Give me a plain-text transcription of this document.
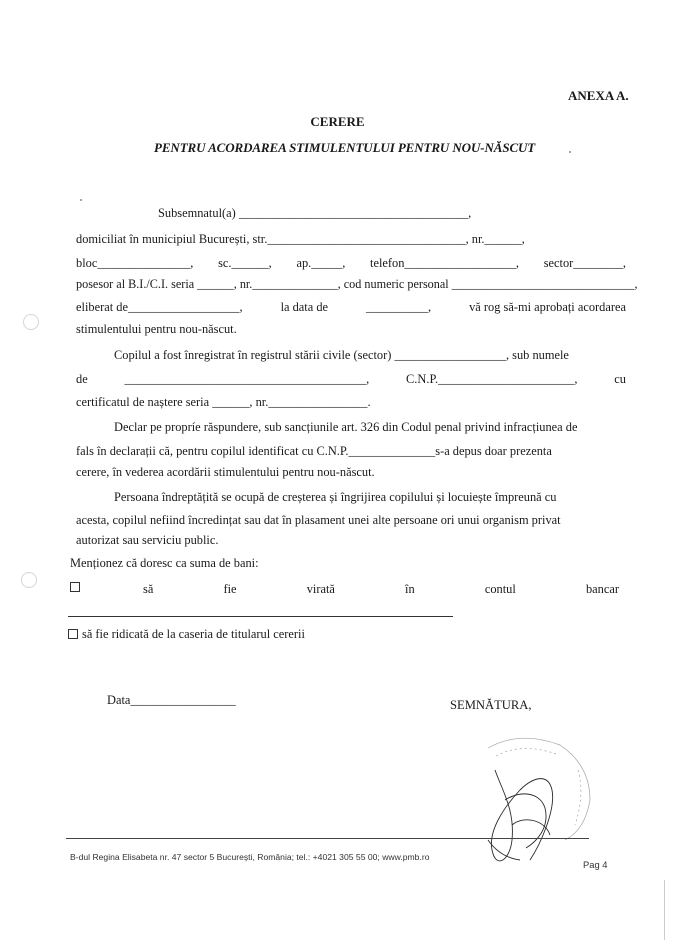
ANEXA A.
CERERE
PENTRU ACORDAREA STIMULENTULUI PENTRU NOU-NĂSCUT
Subsemnatul(a) _____________________________________,
domiciliat în municipiul București, str.________________________________, nr.______,
bloc_______________, sc.______, ap._____, telefon__________________, sector________,
posesor al B.I./C.I. seria ______, nr.______________, cod numeric personal ______________________________,
eliberat de__________________,	la data de	__________,	vă rog să-mi aprobați acordarea
stimulentului pentru nou-născut.
Copilul a fost înregistrat în registrul stării civile (sector) __________________, sub numele
de	_______________________________________,	C.N.P.______________________,	cu
certificatul de naștere seria ______, nr.________________.
Declar pe propríe răspundere, sub sancțiunile art. 326 din Codul penal privind infracțiunea de
fals în declarații că, pentru copilul identificat cu C.N.P.______________s-a depus doar prezenta
cerere, în vederea acordării stimulentului pentru nou-născut.
Persoana îndreptățită se ocupă de creșterea și îngrijirea copilului și locuiește împreună cu
acesta, copilul nefiind încredințat sau dat în plasament unei alte persoane ori unui organism privat
autorizat sau serviciu public.
Menționez că doresc ca suma de bani:
să	fie	virată	în	contul	bancar
să fie ridicată de la caseria de titularul cererii
Data_________________	SEMNĂTURA,
B-dul Regina Elisabeta nr. 47 sector 5 București, România; tel.: +4021 305 55 00; www.pmb.ro
Pag 4
